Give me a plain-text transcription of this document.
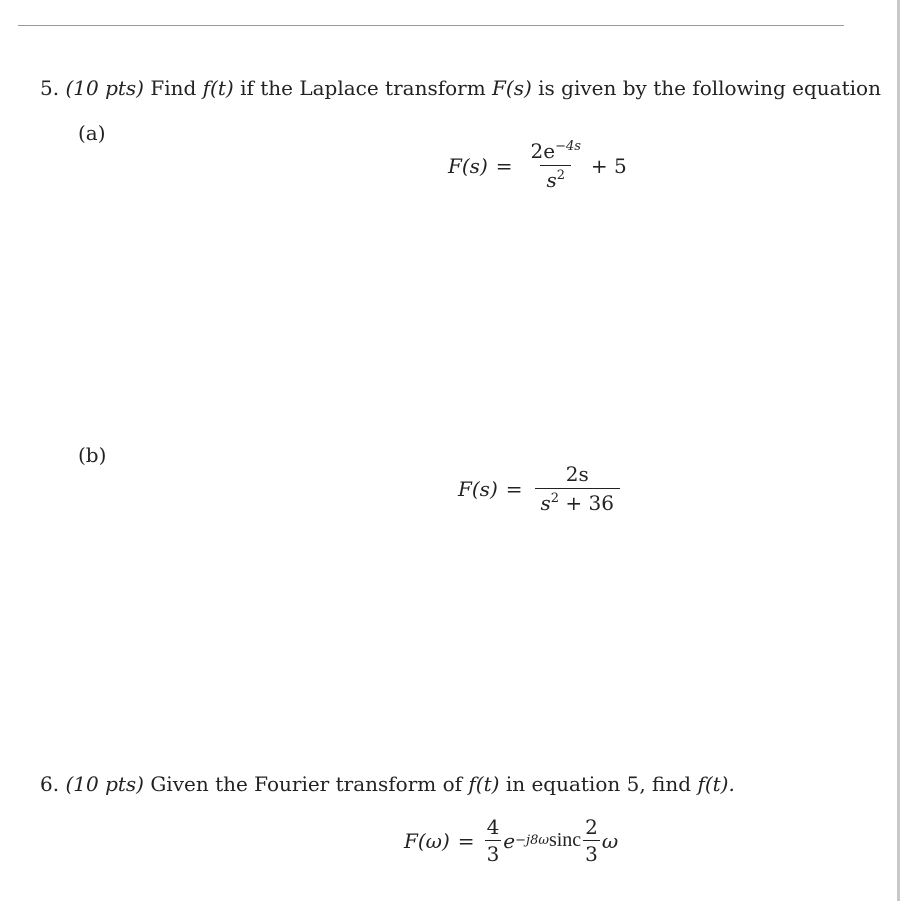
5. (10 pts) Find f(t) if the Laplace transform F(s) is given by the following equation
(a)
$F(s) = \frac{2e^{-4s}}{s^2} + 5$
(b)
$F(s) = \frac{2s}{s^2 + 36}$
6. (10 pts) Given the Fourier transform of f(t) in equation 5, find f(t).
$F(\omega) = \frac{4}{3}$ e −j8ω sinc $\frac{2}{3}$ ω
